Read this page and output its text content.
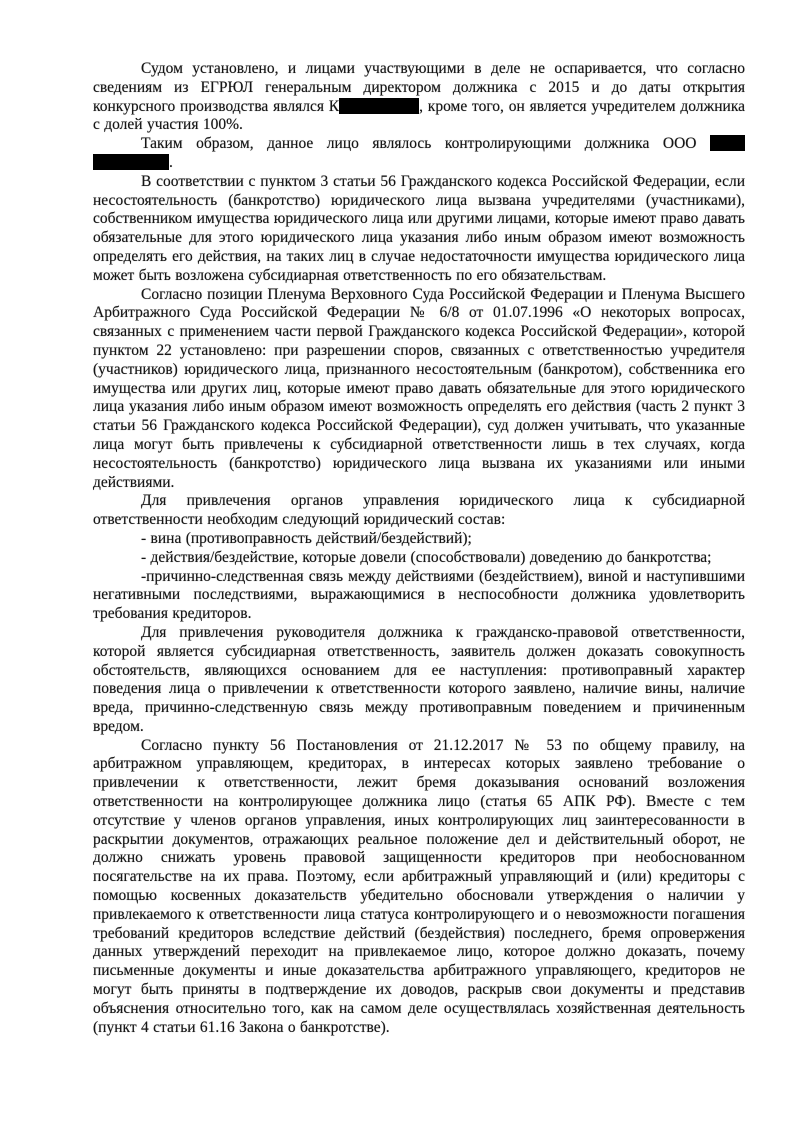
Судом установлено, и лицами участвующими в деле не оспаривается, что согласно сведениям из ЕГРЮЛ генеральным директором должника с 2015 и до даты открытия конкурсного производства являлся К	, кроме того, он является учредителем должника с долей участия 100%.

Таким образом, данное лицо являлось контролирующими должника ООО
.

В соответствии с пунктом 3 статьи 56 Гражданского кодекса Российской Федерации, если несостоятельность (банкротство) юридического лица вызвана учредителями (участниками), собственником имущества юридического лица или другими лицами, которые имеют право давать обязательные для этого юридического лица указания либо иным образом имеют возможность определять его действия, на таких лиц в случае недостаточности имущества юридического лица может быть возложена субсидиарная ответственность по его обязательствам.

Согласно позиции Пленума Верховного Суда Российской Федерации и Пленума Высшего Арбитражного Суда Российской Федерации № 6/8 от 01.07.1996 «О некоторых вопросах, связанных с применением части первой Гражданского кодекса Российской Федерации», которой пунктом 22 установлено: при разрешении споров, связанных с ответственностью учредителя (участников) юридического лица, признанного несостоятельным (банкротом), собственника его имущества или других лиц, которые имеют право давать обязательные для этого юридического лица указания либо иным образом имеют возможность определять его действия (часть 2 пункт 3 статьи 56 Гражданского кодекса Российской Федерации), суд должен учитывать, что указанные лица могут быть привлечены к субсидиарной ответственности лишь в тех случаях, когда несостоятельность (банкротство) юридического лица вызвана их указаниями или иными действиями.

Для привлечения органов управления юридического лица к субсидиарной ответственности необходим следующий юридический состав:

- вина (противоправность действий/бездействий);

- действия/бездействие, которые довели (способствовали) доведению до банкротства;

-причинно-следственная связь между действиями (бездействием), виной и наступившими негативными последствиями, выражающимися в неспособности должника удовлетворить требования кредиторов.

Для привлечения руководителя должника к гражданско-правовой ответственности, которой является субсидиарная ответственность, заявитель должен доказать совокупность обстоятельств, являющихся основанием для ее наступления: противоправный характер поведения лица о привлечении к ответственности которого заявлено, наличие вины, наличие вреда, причинно-следственную связь между противоправным поведением и причиненным вредом.

Согласно пункту 56 Постановления от 21.12.2017 № 53 по общему правилу, на арбитражном управляющем, кредиторах, в интересах которых заявлено требование о привлечении к ответственности, лежит бремя доказывания оснований возложения ответственности на контролирующее должника лицо (статья 65 АПК РФ). Вместе с тем отсутствие у членов органов управления, иных контролирующих лиц заинтересованности в раскрытии документов, отражающих реальное положение дел и действительный оборот, не должно снижать уровень правовой защищенности кредиторов при необоснованном посягательстве на их права. Поэтому, если арбитражный управляющий и (или) кредиторы с помощью косвенных доказательств убедительно обосновали утверждения о наличии у привлекаемого к ответственности лица статуса контролирующего и о невозможности погашения требований кредиторов вследствие действий (бездействия) последнего, бремя опровержения данных утверждений переходит на привлекаемое лицо, которое должно доказать, почему письменные документы и иные доказательства арбитражного управляющего, кредиторов не могут быть приняты в подтверждение их доводов, раскрыв свои документы и представив объяснения относительно того, как на самом деле осуществлялась хозяйственная деятельность (пункт 4 статьи 61.16 Закона о банкротстве).
